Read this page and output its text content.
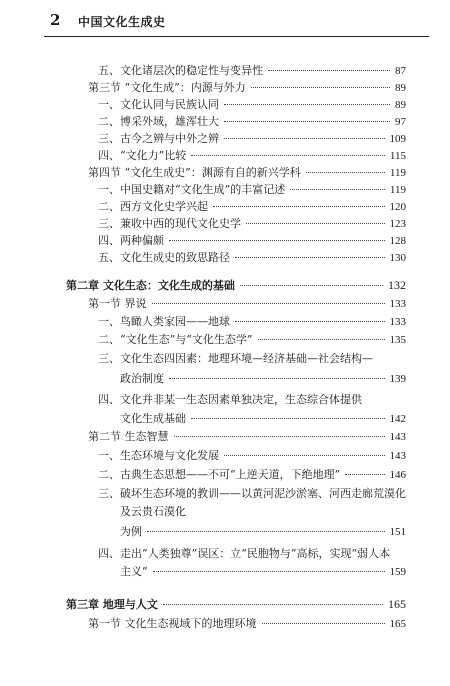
2 中国文化生成史
五、文化诸层次的稳定性与变异性	87
第三节 “文化生成”：内源与外力	89
一、文化认同与民族认同	89
二、博采外域，雄浑壮大	97
三、古今之辨与中外之辨	109
四、“文化力”比较	115
第四节 “文化生成史”：渊源有自的新兴学科	119
一、中国史籍对“文化生成”的丰富记述	119
二、西方文化史学兴起	120
三、兼收中西的现代文化史学	123
四、两种偏颇	128
五、文化生成史的致思路径	130
第二章 文化生态：文化生成的基础	132
第一节 界说	133
一、鸟瞰人类家园——地球	133
二、“文化生态”与“文化生态学”	135
三、文化生态四因素：地理环境—经济基础—社会结构—
政治制度	139
四、文化并非某一生态因素单独决定，生态综合体提供
文化生成基础	142
第二节 生态智慧	143
一、生态环境与文化发展	143
二、古典生态思想——不可“上逆天道，下绝地理”	146
三、破坏生态环境的教训——以黄河泥沙淤塞、河西走廊荒漠化
及云贵石漠化
为例	151
四、走出“人类独尊”误区：立“民胞物与”高标，实现“弱人本
主义”	159
第三章 地理与人文	165
第一节 文化生态视域下的地理环境	165
